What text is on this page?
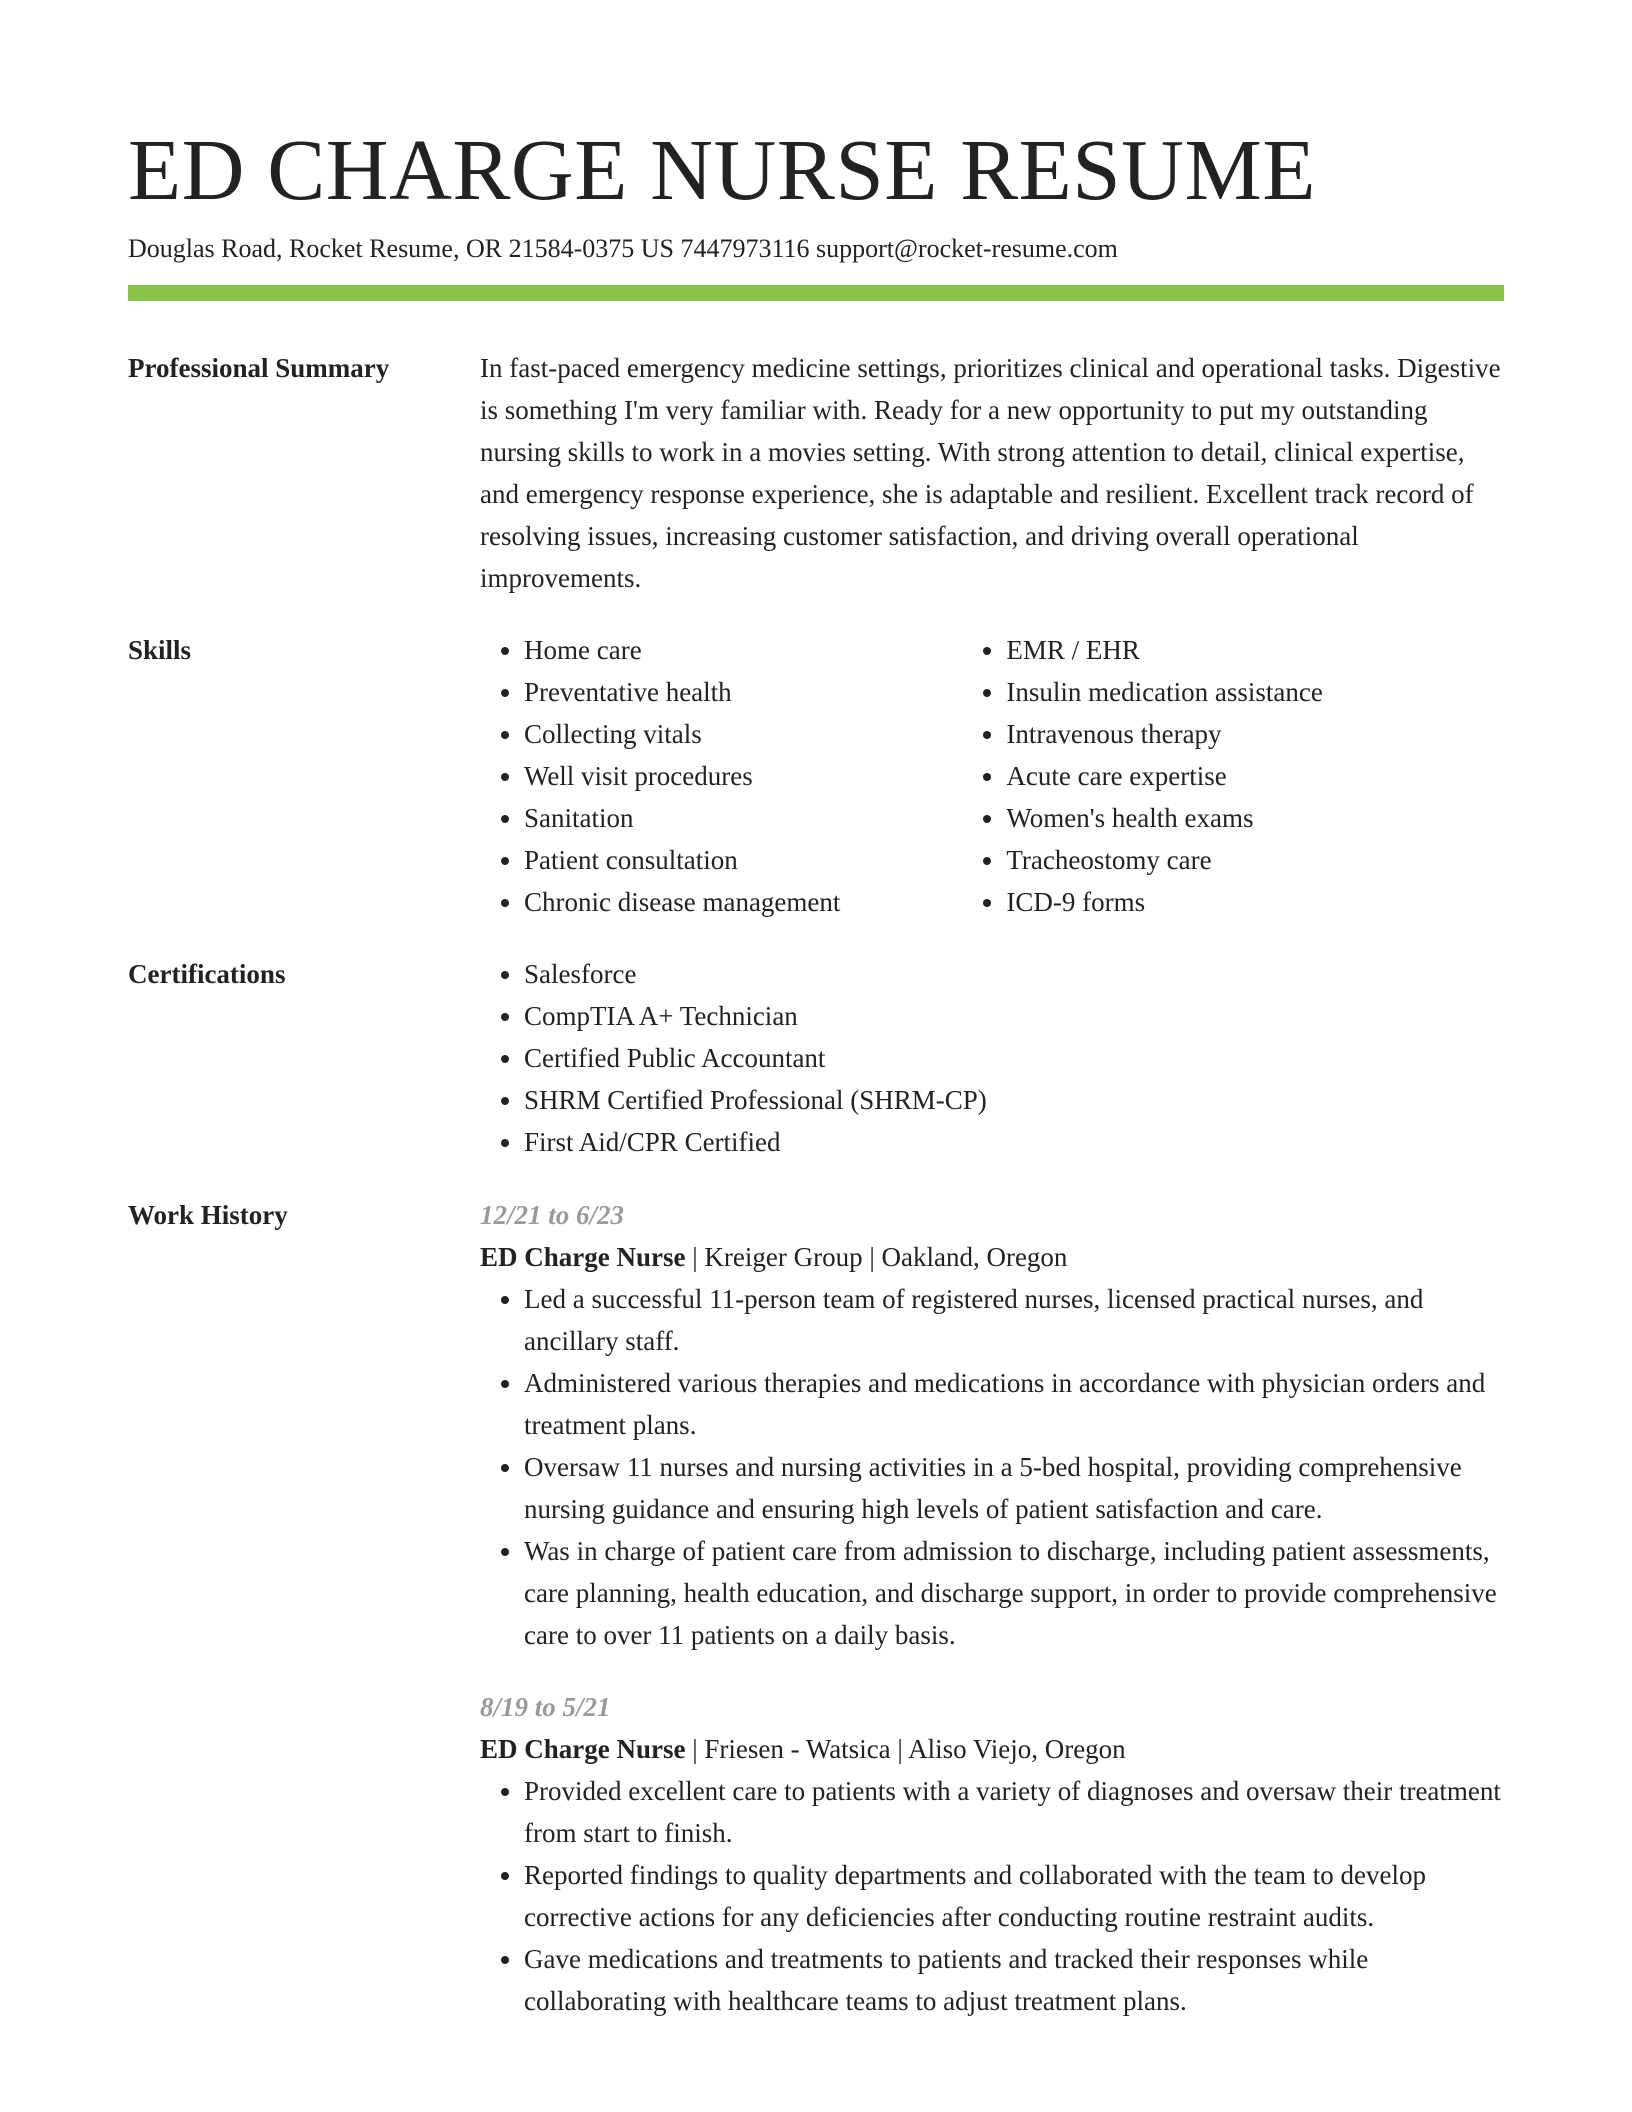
ED CHARGE NURSE RESUME
Douglas Road, Rocket Resume, OR 21584-0375 US 7447973116 support@rocket-resume.com
Professional Summary	In fast-paced emergency medicine settings, prioritizes clinical and operational tasks. Digestive is something I'm very familiar with. Ready for a new opportunity to put my outstanding nursing skills to work in a movies setting. With strong attention to detail, clinical expertise, and emergency response experience, she is adaptable and resilient. Excellent track record of resolving issues, increasing customer satisfaction, and driving overall operational improvements.

Skills	• Home care
• Preventative health
• Collecting vitals
• Well visit procedures
• Sanitation
• Patient consultation
• Chronic disease management
• EMR / EHR
• Insulin medication assistance
• Intravenous therapy
• Acute care expertise
• Women's health exams
• Tracheostomy care
• ICD-9 forms
Certifications	• Salesforce
• CompTIA A+ Technician
• Certified Public Accountant
• SHRM Certified Professional (SHRM-CP)
• First Aid/CPR Certified
Work History	12/21 to 6/23
ED Charge Nurse | Kreiger Group | Oakland, Oregon
• Led a successful 11-person team of registered nurses, licensed practical nurses, and ancillary staff.
• Administered various therapies and medications in accordance with physician orders and treatment plans.
• Oversaw 11 nurses and nursing activities in a 5-bed hospital, providing comprehensive nursing guidance and ensuring high levels of patient satisfaction and care.
• Was in charge of patient care from admission to discharge, including patient assessments, care planning, health education, and discharge support, in order to provide comprehensive care to over 11 patients on a daily basis.
8/19 to 5/21
ED Charge Nurse | Friesen - Watsica | Aliso Viejo, Oregon
• Provided excellent care to patients with a variety of diagnoses and oversaw their treatment from start to finish.
• Reported findings to quality departments and collaborated with the team to develop corrective actions for any deficiencies after conducting routine restraint audits.
• Gave medications and treatments to patients and tracked their responses while collaborating with healthcare teams to adjust treatment plans.
